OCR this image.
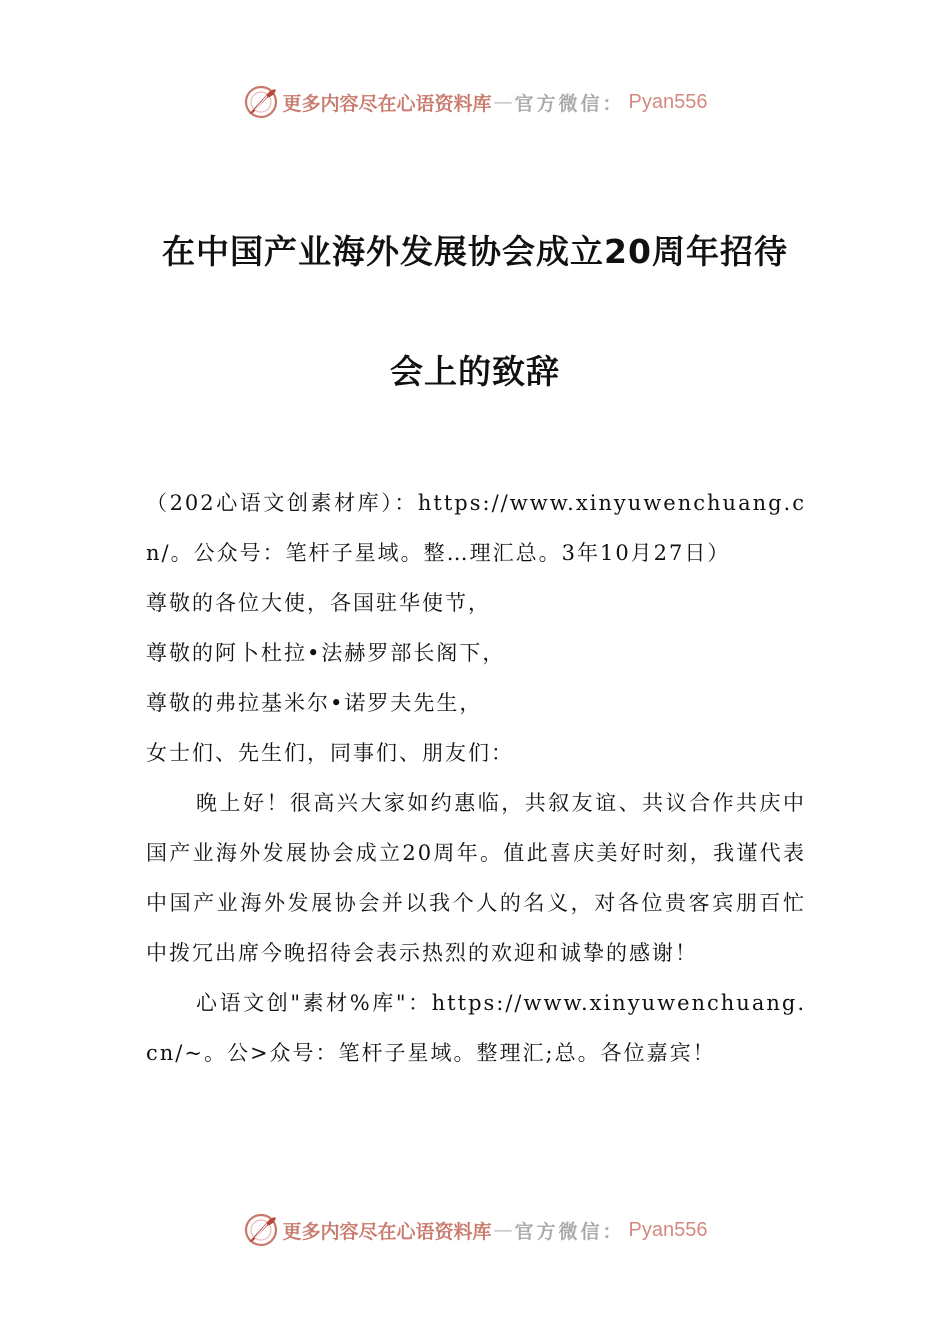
更多内容尽在心语资料库 — 官方微信： Pyan556
在中国产业海外发展协会成立20周年招待
会上的致辞

（202心语文创素材库）：https://www.xinyuwenchuang.cn/。公众号：笔杆子星域。整…理汇总。3年10月27日）

尊敬的各位大使，各国驻华使节，

尊敬的阿卜杜拉•法赫罗部长阁下，

尊敬的弗拉基米尔•诺罗夫先生，

女士们、先生们，同事们、朋友们：

晚上好！很高兴大家如约惠临，共叙友谊、共议合作共庆中国产业海外发展协会成立20周年。值此喜庆美好时刻，我谨代表中国产业海外发展协会并以我个人的名义，对各位贵客宾朋百忙中拨冗出席今晚招待会表示热烈的欢迎和诚挚的感谢！

心语文创"素材%库"：https://www.xinyuwenchuang.cn/~。公>众号：笔杆子星域。整理汇;总。各位嘉宾！

更多内容尽在心语资料库 — 官方微信： Pyan556
